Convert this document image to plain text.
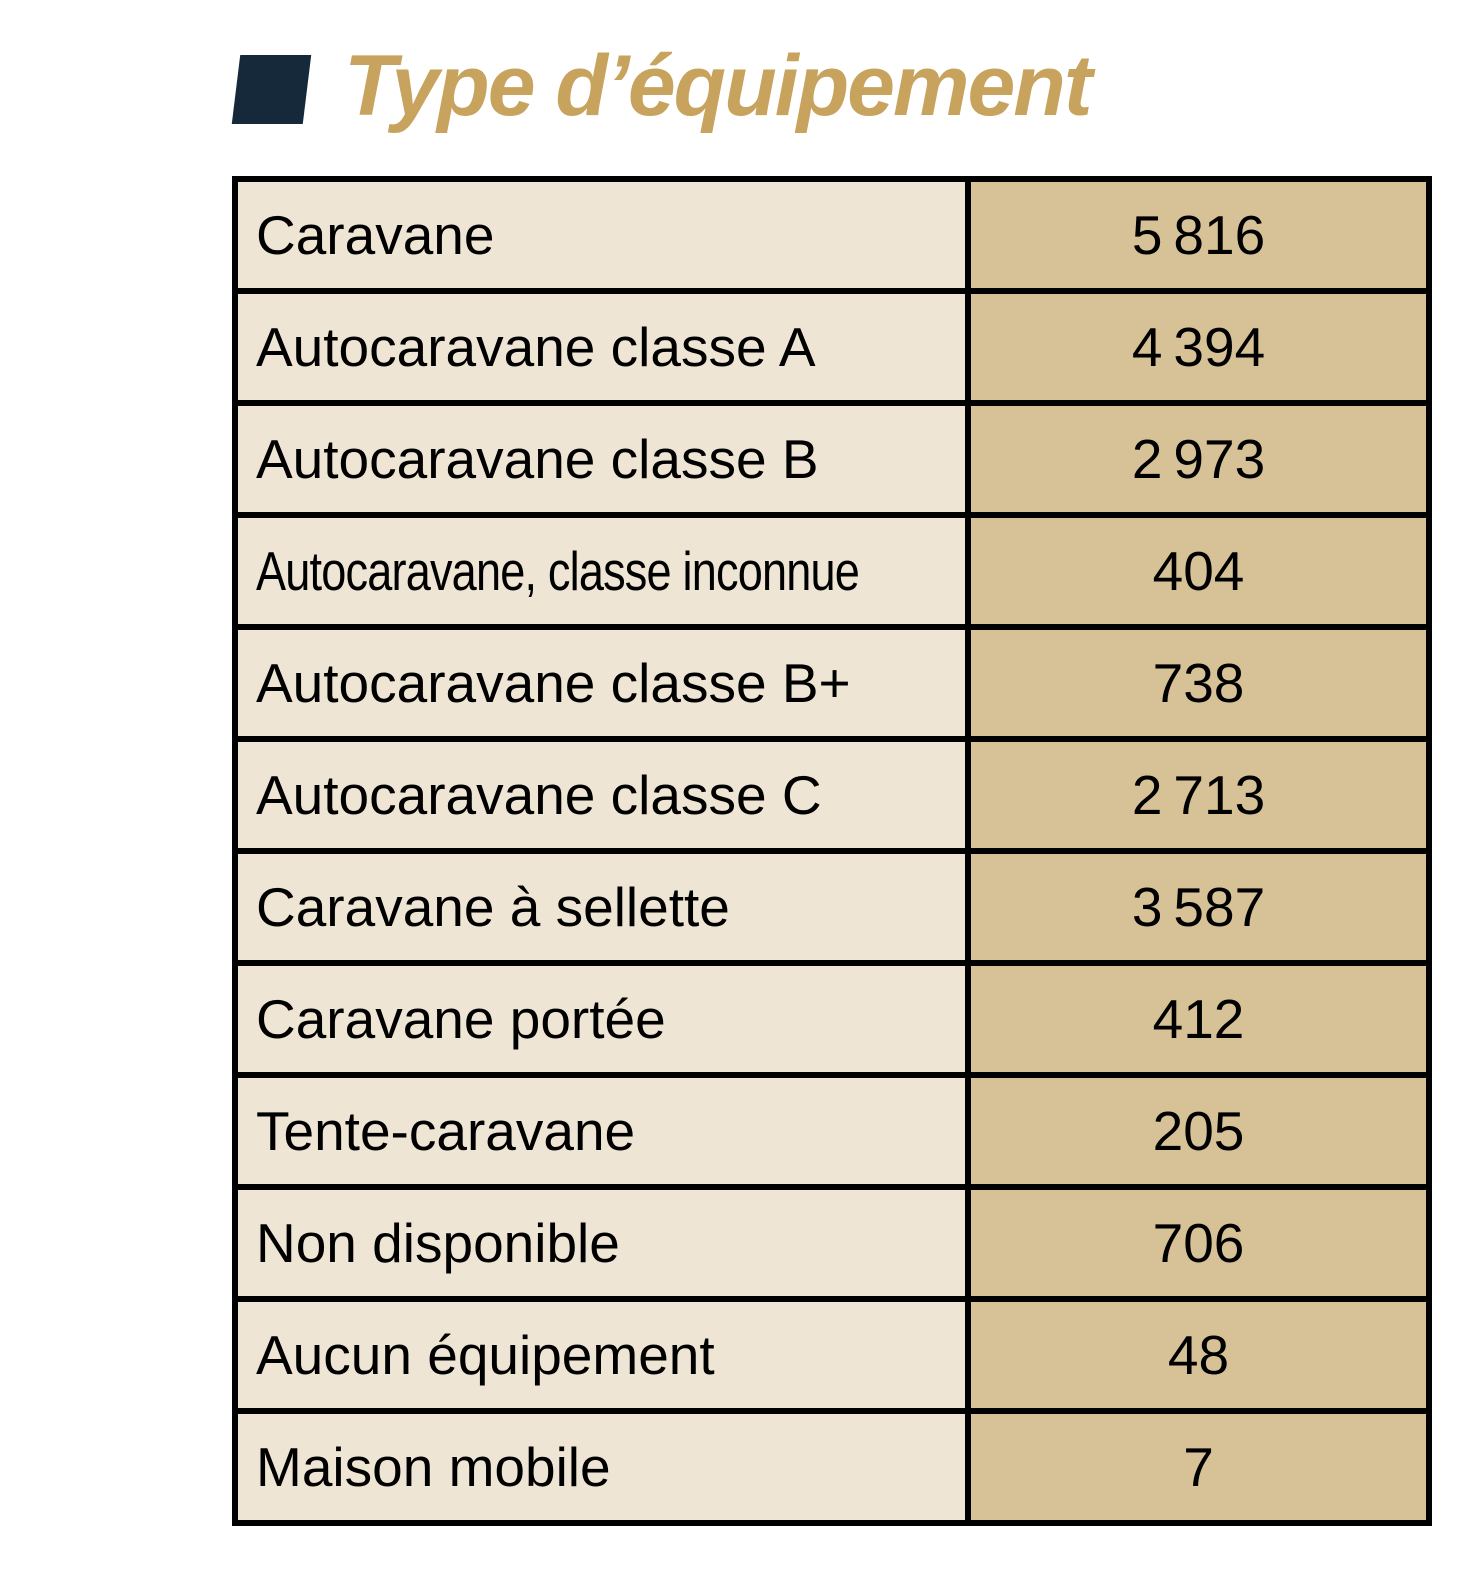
Type d’équipement
Caravane	5 816
Autocaravane classe A	4 394
Autocaravane classe B	2 973
Autocaravane, classe inconnue	404
Autocaravane classe B+	738
Autocaravane classe C	2 713
Caravane à sellette	3 587
Caravane portée	412
Tente-caravane	205
Non disponible	706
Aucun équipement	48
Maison mobile	7
